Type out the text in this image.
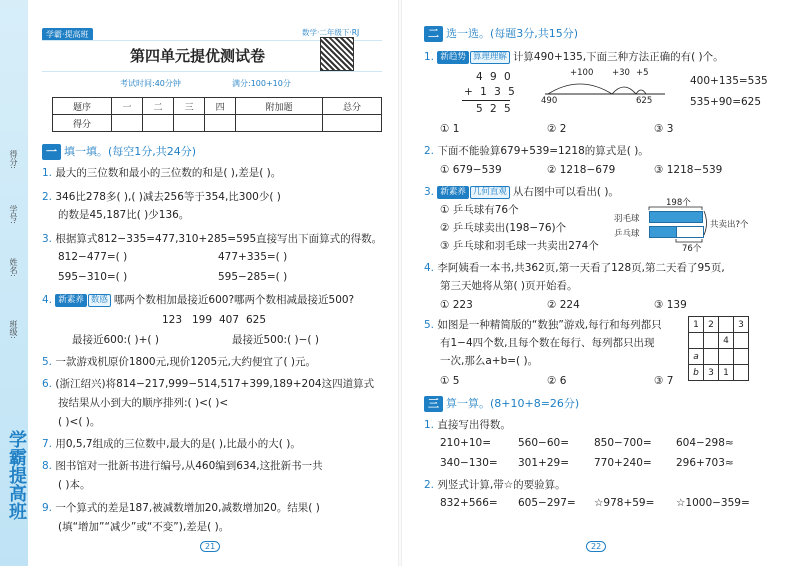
得分:
学号:
姓名:
班级:
学霸提高班
学霸·提高班	数学·二年级下·RJ
第四单元提优测试卷
考试时间:40分钟	满分:100+10分
题序	一	二	三	四	附加题	总分
得分						
一 填一填。(每空1分,共24分)
1. 最大的三位数和最小的三位数的和是( ),差是( )。
2. 346比278多( ),( )减去256等于354,比300少( )
的数是45,187比( )少136。
3. 根据算式812−335=477,310+285=595直接写出下面算式的得数。
812−477=( )	477+335=( )
595−310=( )	595−285=( )
4. 新素养 数感 哪两个数相加最接近600?哪两个数相减最接近500?
123 199 407 625
最接近600:( )+( )	最接近500:( )−( )
5. 一款游戏机原价1800元,现价1205元,大约便宜了( )元。
6. (浙江绍兴)将814−217,999−514,517+399,189+204这四道算式
按结果从小到大的顺序排列:( )<( )<
( )<( )。
7. 用0,5,7组成的三位数中,最大的是( ),比最小的大( )。
8. 图书馆对一批新书进行编号,从460编到634,这批新书一共
( )本。
9. 一个算式的差是187,被减数增加20,减数增加20。结果( )
(填“增加”“减少”或“不变”),差是( )。
21
二 选一选。(每题3分,共15分)
1. 新趋势 算理理解 计算490+135,下面三种方法正确的有( )个。
4 9 0
+ 1 3 5
5 2 5
+100 +30 +5
490	625
400+135=535
535+90=625
① 1	② 2	③ 3
2. 下面不能验算679+539=1218的算式是( )。
① 679−539	② 1218−679	③ 1218−539
3. 新素养 几何直观 从右图中可以看出( )。
① 乒乓球有76个
② 乒乓球卖出(198−76)个
③ 乒乓球和羽毛球一共卖出274个
198个
羽毛球
乒乓球
76个
共卖出?个
4. 李阿姨看一本书,共362页,第一天看了128页,第二天看了95页,
第三天她将从第( )页开始看。
① 223	② 224	③ 139
5. 如图是一种精简版的“数独”游戏,每行和每列都只
有1−4四个数,且每个数在每行、每列都只出现
一次,那么a+b=( )。
① 5	② 6	③ 7
1	2		3
		4	
a			
b	3	1	
三 算一算。(8+10+8=26分)
1. 直接写出得数。
210+10=	560−60= 850−700= 604−298≈
340−130= 301+29= 770+240= 296+703≈
2. 列竖式计算,带☆的要验算。
832+566= 605−297= ☆978+59= ☆1000−359=
22
